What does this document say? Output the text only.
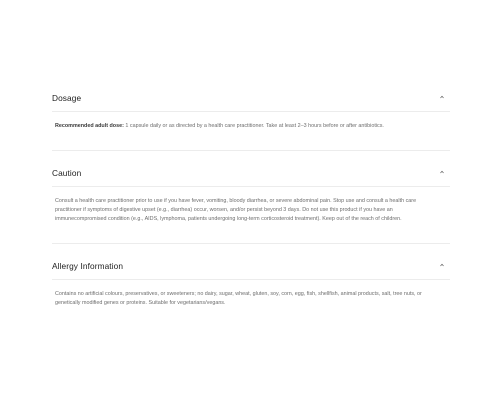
Dosage
Recommended adult dose: 1 capsule daily or as directed by a health care practitioner. Take at least 2–3 hours before or after antibiotics.
Caution
Consult a health care practitioner prior to use if you have fever, vomiting, bloody diarrhea, or severe abdominal pain. Stop use and consult a health care practitioner if symptoms of digestive upset (e.g., diarrhea) occur, worsen, and/or persist beyond 3 days. Do not use this product if you have an immunecompromised condition (e.g., AIDS, lymphoma, patients undergoing long-term corticosteroid treatment). Keep out of the reach of children.
Allergy Information
Contains no artificial colours, preservatives, or sweeteners; no dairy, sugar, wheat, gluten, soy, corn, egg, fish, shellfish, animal products, salt, tree nuts, or genetically modified genes or proteins. Suitable for vegetarians/vegans.
